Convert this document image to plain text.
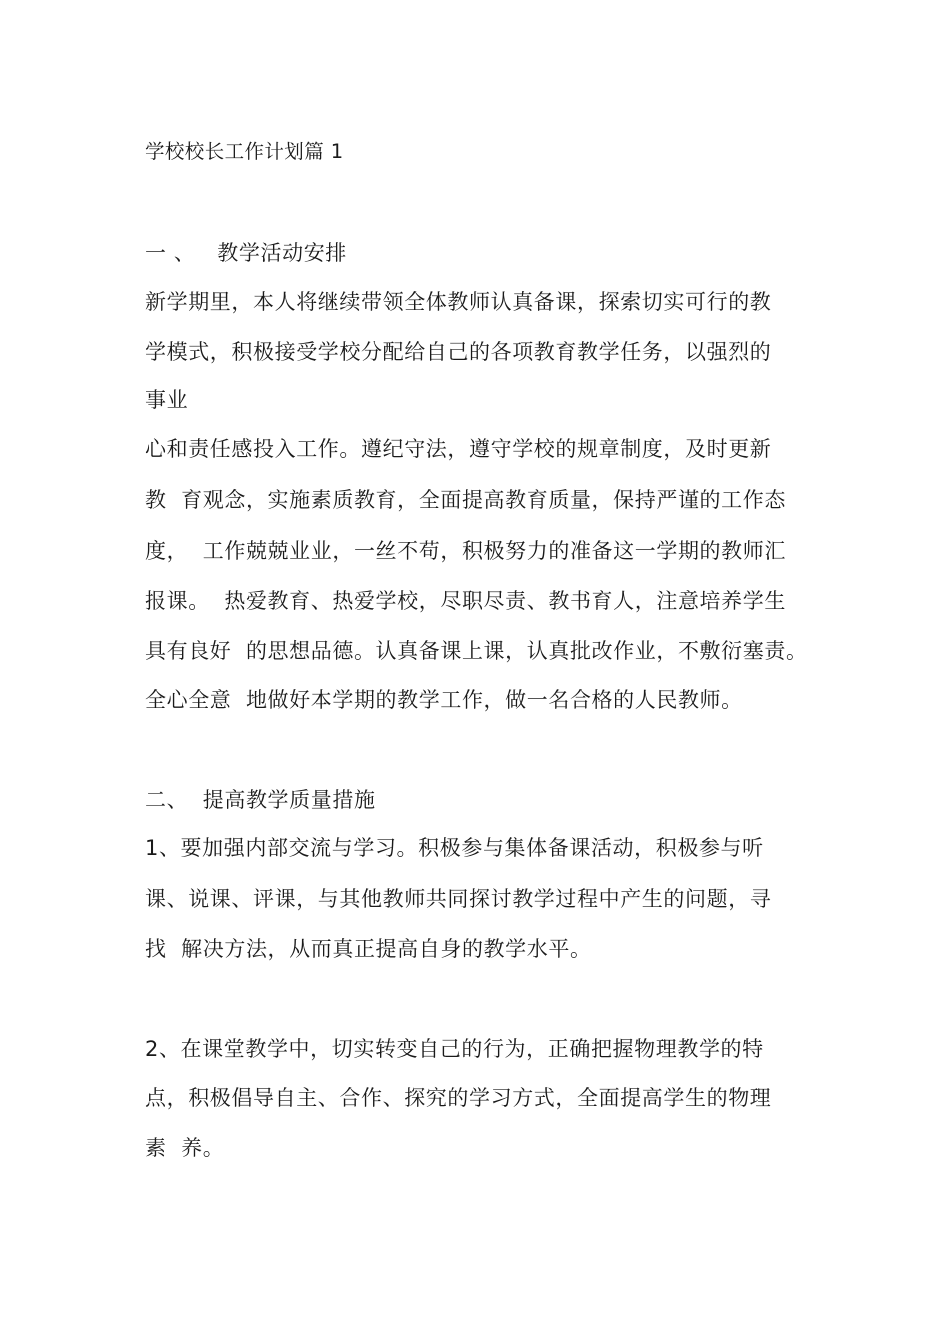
学校校长工作计划篇 1
一 、   教学活动安排
新学期里，本人将继续带领全体教师认真备课，探索切实可行的教
学模式，积极接受学校分配给自己的各项教育教学任务，以强烈的
事业
心和责任感投入工作。遵纪守法，遵守学校的规章制度，及时更新
教  育观念，实施素质教育，全面提高教育质量，保持严谨的工作态
度，  工作兢兢业业，一丝不苟，积极努力的准备这一学期的教师汇
报课。  热爱教育、热爱学校，尽职尽责、教书育人，注意培养学生
具有良好  的思想品德。认真备课上课，认真批改作业，不敷衍塞责。
全心全意  地做好本学期的教学工作，做一名合格的人民教师。
二、  提高教学质量措施
1、要加强内部交流与学习。积极参与集体备课活动，积极参与听
课、说课、评课，与其他教师共同探讨教学过程中产生的问题，寻
找  解决方法，从而真正提高自身的教学水平。
2、在课堂教学中，切实转变自己的行为，正确把握物理教学的特
点，积极倡导自主、合作、探究的学习方式，全面提高学生的物理
素  养。
